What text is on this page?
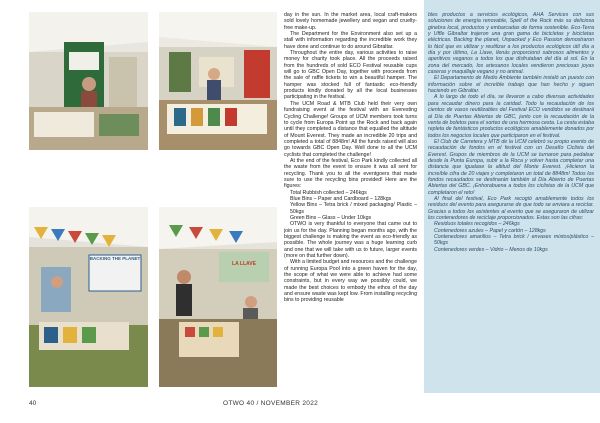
BACKING THE PLANET
LA LLAVE

day in the sun. In the market area, local craft-makers sold lovely homemade jewellery and vegan and cruelty-free make-up.

The Department for the Environment also set up a stall with information regarding the incredible work they have done and continue to do around Gibraltar.

Throughout the entire day, various activities to raise money for charity took place. All the proceeds raised from the hundreds of sold ECO Festival reusable cups will go to GBC Open Day, together with proceeds from the sale of raffle tickets to win a beautiful hamper. The hamper was stocked full of fantastic eco-friendly products kindly donated by all the local businesses participating in the festival.

The UCM Road & MTB Club held their very own fundraising event at the festival with an Everesting Cycling Challenge! Groups of UCM members took turns to cycle from Europa Point up the Rock and back again until they completed a distance that equalled the altitude of Mount Everest. They made an incredible 20 trips and completed a total of 8848m! All the funds raised will also go towards GBC Open Day. Well done to all the UCM cyclists that completed the challenge!

At the end of the festival, Eco Park kindly collected all the waste from the event to ensure it was all sent for recycling. Thank you to all the eventgoers that made sure to use the recycling bins provided! Here are the figures:

Total Rubbish collected – 246kgs
Blue Bins – Paper and Cardboard – 128kgs
Yellow Bins – Tetra brick / mixed packaging/ Plastic – 50kgs
Green Bins – Glass – Under 10kgs

OTWO is very thankful to everyone that came out to join us for the day. Planning began months ago, with the biggest challenge is making the event as eco-friendly as possible. The whole journey was a huge learning curb and one that we will take with us to future, larger events (more on that further down).

With a limited budget and resources and the challenge of running Europa Pool into a green haven for the day, the scope of what we were able to achieve had some constraints, but in every way we possibly could, we made the best choices to embody the ethos of the day and ensure waste was kept low. From installing recycling bins to providing reusable

bles productos a servicios ecológicos, AHA Services con sus soluciones de energía renovable, Spell of the Rock más su deliciosa ginebra local, productos y embarcadas de forma sostenible. Eco-Terra y Uffle Gibraltar trajeron una gran gama de bicicletas y bicicletas eléctricas. Backing the planet, Unpacked y Eco Passion demostraron lo fácil que es utilizar y reutilizar a los productos ecológicos útil día a día y por último, La Llave, llenás proporcionó sabrosos alimentos y aperitivos veganos a todos los que disfrutaban del día al sol. En la zona del mercado, los artesanos locales vendieron preciosas joyas caseras y maquillaje vegano y no animal.

El Departamento de Medio Ambiente también instaló un puesto con información sobre el increíble trabajo que han hecho y siguen haciendo en Gibraltar.

A lo largo de todo el día, se llevaron a cabo diversas actividades para recaudar dinero para la caridad. Todo la recaudación de los cientos de vasos reutilizables del Festival ECO vendidos se destinará al Día de Puertas Abiertas de GBC, junto con la recaudación de la venta de boletos para el sorteo de una hermosa cesta. La cesta estaba repleta de fantásticos productos ecológicos amablemente donados por todos los negocios locales que participaron en el festival.

El Club de Carretera y MTB de la UCM celebró su propio evento de recaudación de fondos en el festival con un Desafío Ciclista del Everest. Grupos de miembros de la UCM se turnaron para pedalear desde la Punta Europa, subir a la Roca y volver hasta completar una distancia que igualase la altitud del Monte Everest. ¡Hicieron la increíble cifra de 20 viajes y completaron un total de 8848m! Todos los fondos recaudados se destinarán también al Día Abierto de Puertas Abiertas del GBC. ¡Enhorabuena a todos los ciclistas de la UCM que completaron el reto!

Al final del festival, Eco Park recogió amablemente todos los residuos del evento para asegurarse de que todo se enviara a reciclar. Gracias a todos los asistentes al evento que se aseguraron de utilizar los contenedores de reciclaje proporcionados. Estas son las cifras:

Residuos totales recogidos – 246kgs
Contenedores azules – Papel y cartón – 128kgs
Contenedores amarillos – Tetra brick / envases mixtos/plástico – 50kgs
Contenedores verdes – Vidrio – Menos de 10kgs
40	OTWO 40 / NOVEMBER 2022
